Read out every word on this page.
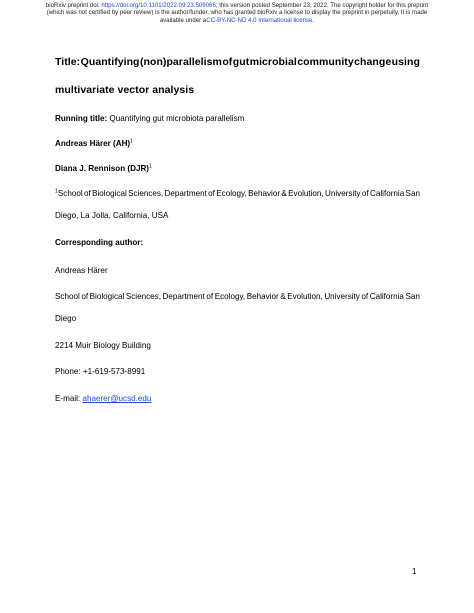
bioRxiv preprint doi: https://doi.org/10.1101/2022.09.23.509066; this version posted September 23, 2022. The copyright holder for this preprint
(which was not certified by peer review) is the author/funder, who has granted bioRxiv a license to display the preprint in perpetuity. It is made
available under aCC-BY-NC-ND 4.0 International license.
Title: Quantifying (non)parallelism of gut microbial community change using
multivariate vector analysis
Running title: Quantifying gut microbiota parallelism
Andreas Härer (AH)$^1$
Diana J. Rennison (DJR)$^1$
$^1$School of Biological Sciences, Department of Ecology, Behavior & Evolution, University of California San
Diego, La Jolla, California, USA
Corresponding author:
Andreas Härer
School of Biological Sciences, Department of Ecology, Behavior & Evolution, University of California San
Diego
2214 Muir Biology Building
Phone: +1-619-573-8991
E-mail: ahaerer@ucsd.edu
1
